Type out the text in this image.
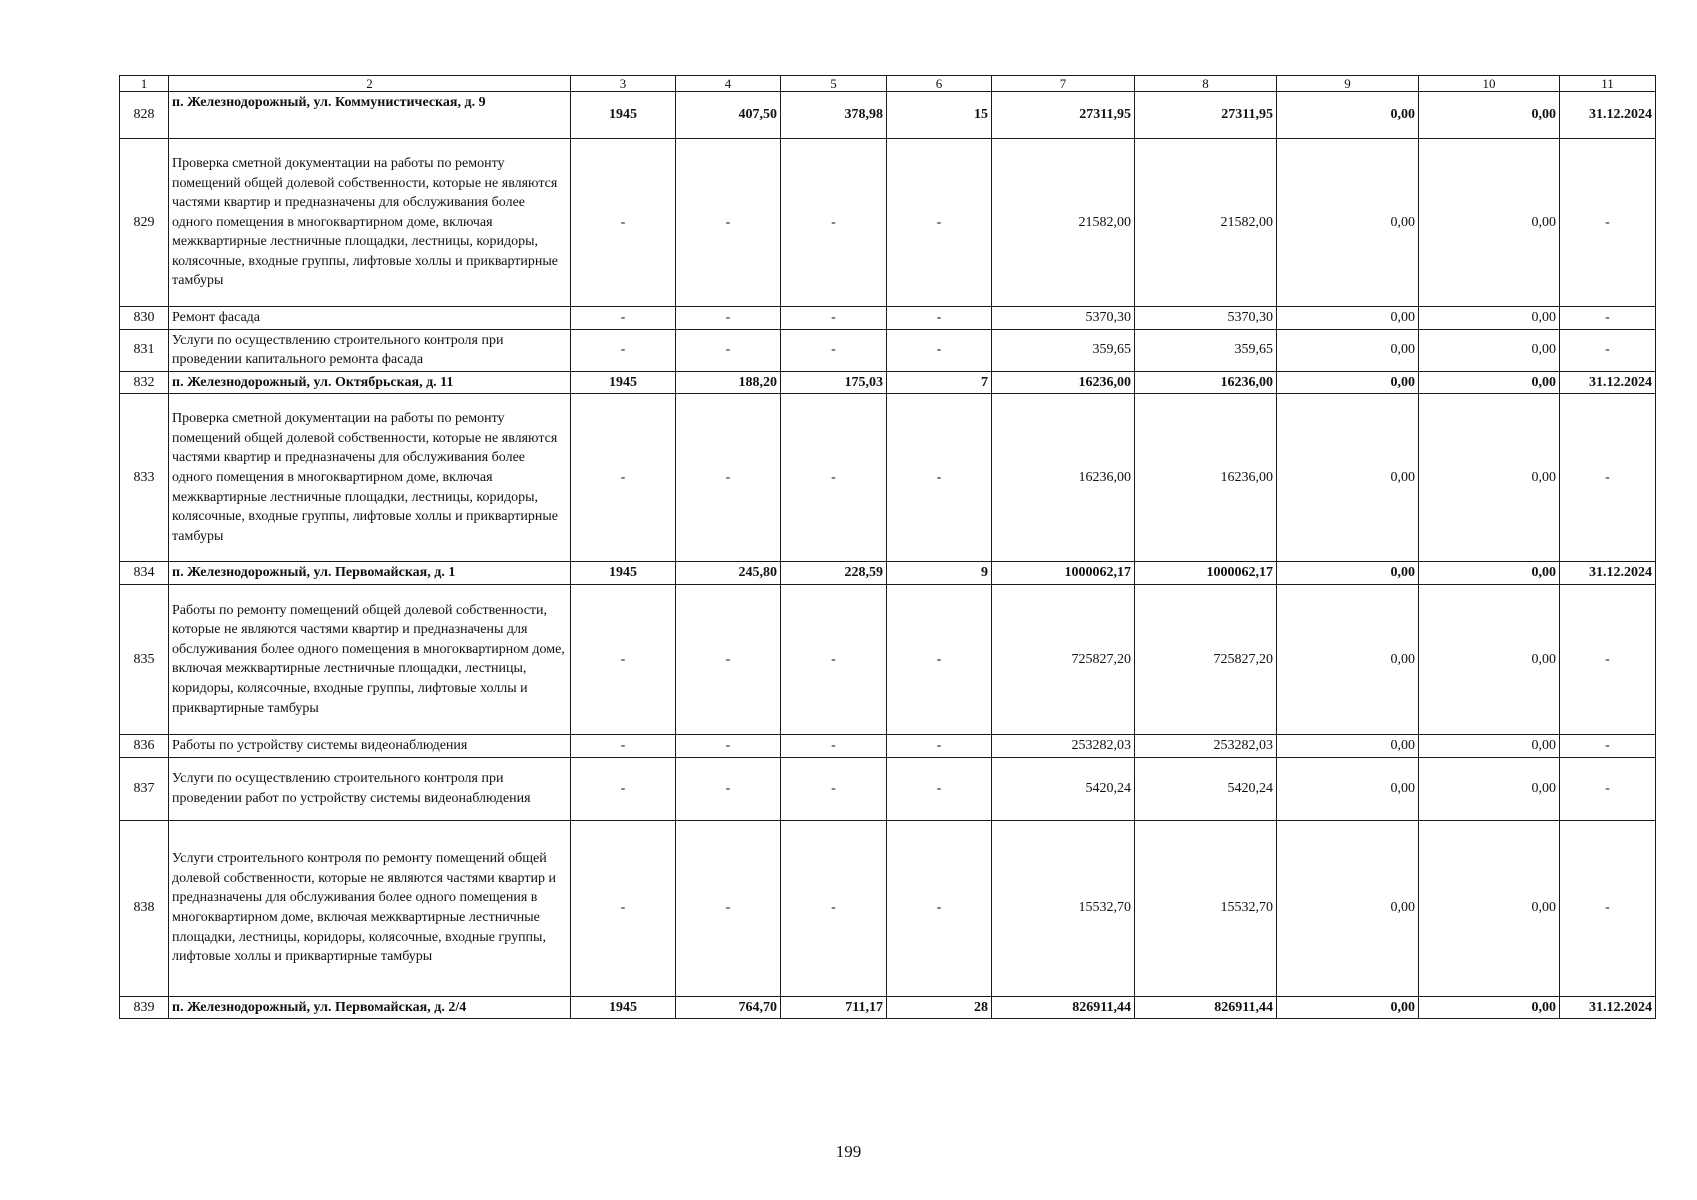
1	2	3	4	5	6	7	8	9	10	11
828	п. Железнодорожный, ул. Коммунистическая, д. 9	1945	407,50	378,98	15	27311,95	27311,95	0,00	0,00	31.12.2024
829	Проверка сметной документации на работы по ремонту помещений общей долевой собственности, которые не являются частями квартир и предназначены для обслуживания более одного помещения в многоквартирном доме, включая межквартирные лестничные площадки, лестницы, коридоры, колясочные, входные группы, лифтовые холлы и приквартирные тамбуры	-	-	-	-	21582,00	21582,00	0,00	0,00	-
830	Ремонт фасада	-	-	-	-	5370,30	5370,30	0,00	0,00	-
831	Услуги по осуществлению строительного контроля при проведении капитального ремонта фасада	-	-	-	-	359,65	359,65	0,00	0,00	-
832	п. Железнодорожный, ул. Октябрьская, д. 11	1945	188,20	175,03	7	16236,00	16236,00	0,00	0,00	31.12.2024
833	Проверка сметной документации на работы по ремонту помещений общей долевой собственности, которые не являются частями квартир и предназначены для обслуживания более одного помещения в многоквартирном доме, включая межквартирные лестничные площадки, лестницы, коридоры, колясочные, входные группы, лифтовые холлы и приквартирные тамбуры	-	-	-	-	16236,00	16236,00	0,00	0,00	-
834	п. Железнодорожный, ул. Первомайская, д. 1	1945	245,80	228,59	9	1000062,17	1000062,17	0,00	0,00	31.12.2024
835	Работы по ремонту помещений общей долевой собственности, которые не являются частями квартир и предназначены для обслуживания более одного помещения в многоквартирном доме, включая межквартирные лестничные площадки, лестницы, коридоры, колясочные, входные группы, лифтовые холлы и приквартирные тамбуры	-	-	-	-	725827,20	725827,20	0,00	0,00	-
836	Работы по устройству системы видеонаблюдения	-	-	-	-	253282,03	253282,03	0,00	0,00	-
837	Услуги по осуществлению строительного контроля при проведении работ по устройству системы видеонаблюдения	-	-	-	-	5420,24	5420,24	0,00	0,00	-
838	Услуги строительного контроля по ремонту помещений общей долевой собственности, которые не являются частями квартир и предназначены для обслуживания более одного помещения в многоквартирном доме, включая межквартирные лестничные площадки, лестницы, коридоры, колясочные, входные группы, лифтовые холлы и приквартирные тамбуры	-	-	-	-	15532,70	15532,70	0,00	0,00	-
839	п. Железнодорожный, ул. Первомайская, д. 2/4	1945	764,70	711,17	28	826911,44	826911,44	0,00	0,00	31.12.2024
199
